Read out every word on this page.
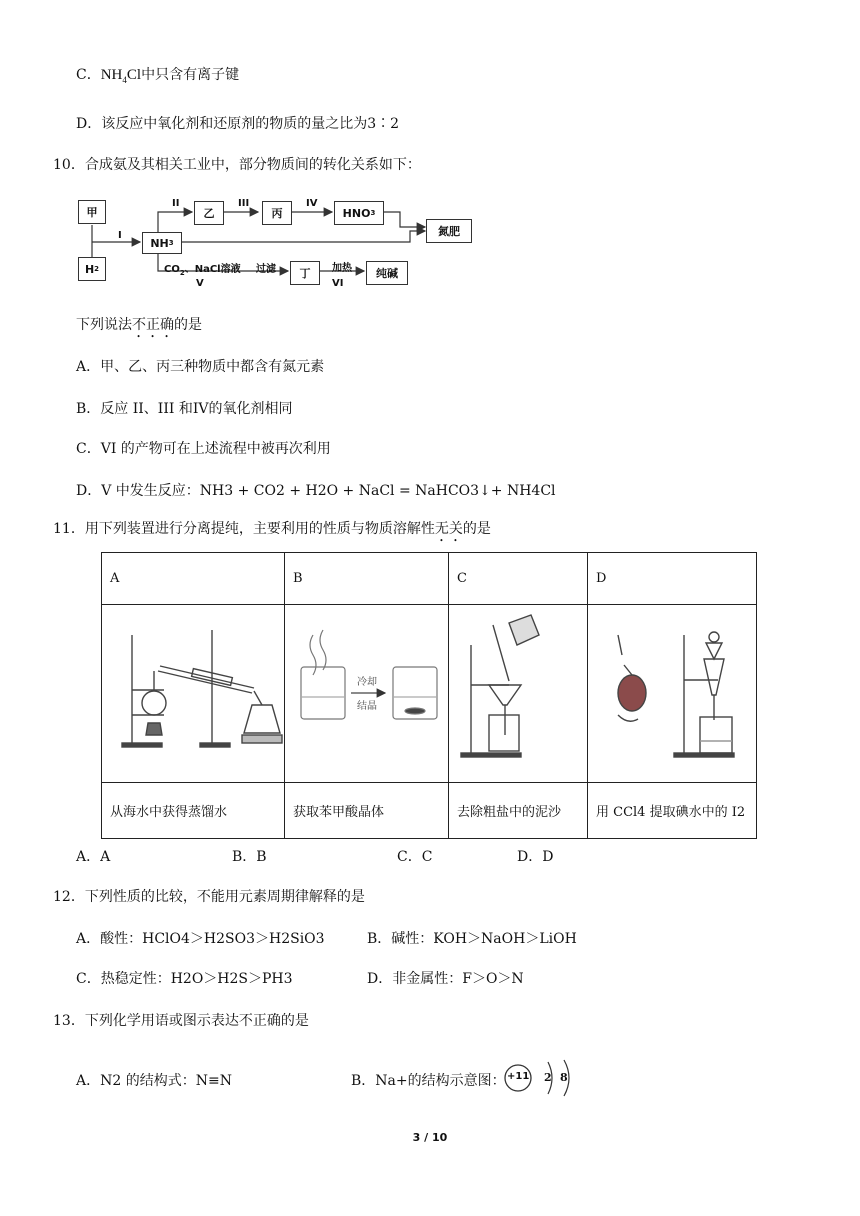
C．$NH_4Cl$中只含有离子键
D．该反应中氧化剂和还原剂的物质的量之比为3∶2
10．合成氨及其相关工业中，部分物质间的转化关系如下：
甲
H 2
NH 3
乙	丙	HNO 3
氮肥
丁	纯碱
I
II	III	IV
$CO_2$、NaCl溶液 过滤
V
加热
VI
下列说法不正确的是
A．甲、乙、丙三种物质中都含有氮元素
B．反应 II、III 和IV的氧化剂相同
C．VI 的产物可在上述流程中被再次利用
D．V 中发生反应：NH3 + CO2 + H2O + NaCl = NaHCO3↓+ NH4Cl
11．用下列装置进行分离提纯，主要利用的性质与物质溶解性无关的是
A	B	C	D

冷却
结晶

从海水中获得蒸馏水	获取苯甲酸晶体	去除粗盐中的泥沙	用 CCl4 提取碘水中的 I2
A．A	B．B	C．C	D．D
12．下列性质的比较，不能用元素周期律解释的是
A．酸性：HClO4＞H2SO3＞H2SiO3	B．碱性：KOH＞NaOH＞LiOH
C．热稳定性：H2O＞H2S＞PH3	D．非金属性：F＞O＞N
13．下列化学用语或图示表达不正确的是
A．N2 的结构式：N≡N	B．Na+的结构示意图： +11 2 8
3 / 10
